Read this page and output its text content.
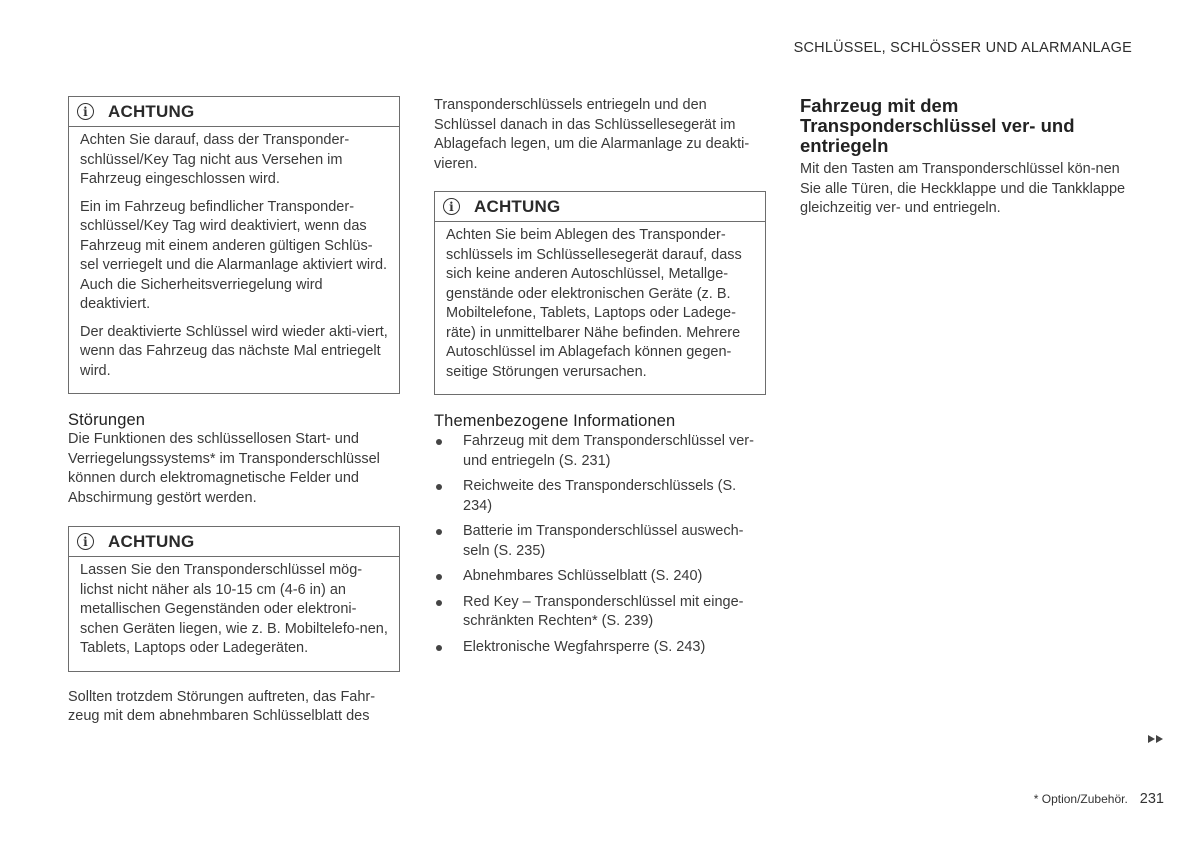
SCHLÜSSEL, SCHLÖSSER UND ALARMANLAGE
i	ACHTUNG

Achten Sie darauf, dass der Transponder-schlüssel/Key Tag nicht aus Versehen im Fahrzeug eingeschlossen wird.

Ein im Fahrzeug befindlicher Transponder-schlüssel/Key Tag wird deaktiviert, wenn das Fahrzeug mit einem anderen gültigen Schlüs-sel verriegelt und die Alarmanlage aktiviert wird. Auch die Sicherheitsverriegelung wird deaktiviert.

Der deaktivierte Schlüssel wird wieder akti-viert, wenn das Fahrzeug das nächste Mal entriegelt wird.

Störungen

Die Funktionen des schlüssellosen Start- und Verriegelungssystems* im Transponderschlüssel können durch elektromagnetische Felder und Abschirmung gestört werden.

i	ACHTUNG

Lassen Sie den Transponderschlüssel mög-lichst nicht näher als 10-15 cm (4-6 in) an metallischen Gegenständen oder elektroni-schen Geräten liegen, wie z. B. Mobiltelefo-nen, Tablets, Laptops oder Ladegeräten.

Sollten trotzdem Störungen auftreten, das Fahr-zeug mit dem abnehmbaren Schlüsselblatt des

Transponderschlüssels entriegeln und den Schlüssel danach in das Schlüssellesegerät im Ablagefach legen, um die Alarmanlage zu deakti-vieren.

i	ACHTUNG

Achten Sie beim Ablegen des Transponder-schlüssels im Schlüssellesegerät darauf, dass sich keine anderen Autoschlüssel, Metallge-genstände oder elektronischen Geräte (z. B. Mobiltelefone, Tablets, Laptops oder Ladege-räte) in unmittelbarer Nähe befinden. Mehrere Autoschlüssel im Ablagefach können gegen-seitige Störungen verursachen.

Themenbezogene Informationen
Fahrzeug mit dem Transponderschlüssel ver-und entriegeln (S. 231)
Reichweite des Transponderschlüssels (S. 234)
Batterie im Transponderschlüssel auswech-seln (S. 235)
Abnehmbares Schlüsselblatt (S. 240)
Red Key – Transponderschlüssel mit einge-schränkten Rechten* (S. 239)
Elektronische Wegfahrsperre (S. 243)
Fahrzeug mit dem Transponderschlüssel ver- und entriegeln

Mit den Tasten am Transponderschlüssel kön-nen Sie alle Türen, die Heckklappe und die Tankklappe gleichzeitig ver- und entriegeln.

* Option/Zubehör. 231
